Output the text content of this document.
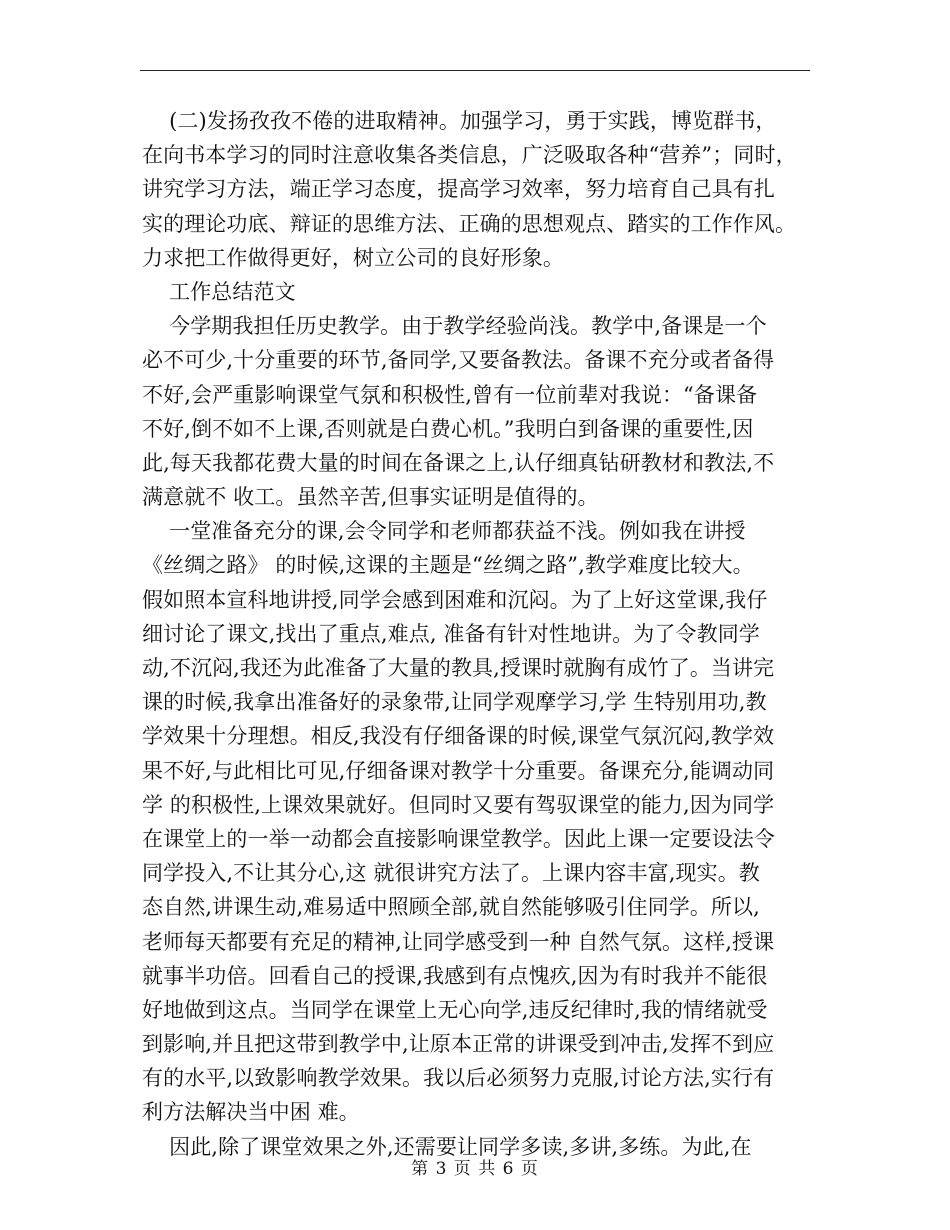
(二)发扬孜孜不倦的进取精神。加强学习，勇于实践，博览群书，
在向书本学习的同时注意收集各类信息，广泛吸取各种“营养”；同时，
讲究学习方法，端正学习态度，提高学习效率，努力培育自己具有扎
实的理论功底、辩证的思维方法、正确的思想观点、踏实的工作作风。
力求把工作做得更好，树立公司的良好形象。
工作总结范文
今学期我担任历史教学。由于教学经验尚浅。教学中,备课是一个
必不可少,十分重要的环节,备同学,又要备教法。备课不充分或者备得
不好,会严重影响课堂气氛和积极性,曾有一位前辈对我说：“备课备
不好,倒不如不上课,否则就是白费心机。”我明白到备课的重要性,因
此,每天我都花费大量的时间在备课之上,认仔细真钻研教材和教法,不
满意就不 收工。虽然辛苦,但事实证明是值得的。
一堂准备充分的课,会令同学和老师都获益不浅。例如我在讲授
《丝绸之路》 的时候,这课的主题是“丝绸之路”,教学难度比较大。
假如照本宣科地讲授,同学会感到困难和沉闷。为了上好这堂课,我仔
细讨论了课文,找出了重点,难点, 准备有针对性地讲。为了令教同学
动,不沉闷,我还为此准备了大量的教具,授课时就胸有成竹了。当讲完
课的时候,我拿出准备好的录象带,让同学观摩学习,学 生特别用功,教
学效果十分理想。相反,我没有仔细备课的时候,课堂气氛沉闷,教学效
果不好,与此相比可见,仔细备课对教学十分重要。备课充分,能调动同
学 的积极性,上课效果就好。但同时又要有驾驭课堂的能力,因为同学
在课堂上的一举一动都会直接影响课堂教学。因此上课一定要设法令
同学投入,不让其分心,这 就很讲究方法了。上课内容丰富,现实。教
态自然,讲课生动,难易适中照顾全部,就自然能够吸引住同学。所以,
老师每天都要有充足的精神,让同学感受到一种 自然气氛。这样,授课
就事半功倍。回看自己的授课,我感到有点愧疚,因为有时我并不能很
好地做到这点。当同学在课堂上无心向学,违反纪律时,我的情绪就受
到影响,并且把这带到教学中,让原本正常的讲课受到冲击,发挥不到应
有的水平,以致影响教学效果。我以后必须努力克服,讨论方法,实行有
利方法解决当中困 难。
因此,除了课堂效果之外,还需要让同学多读,多讲,多练。为此,在
第 3 页 共 6 页
